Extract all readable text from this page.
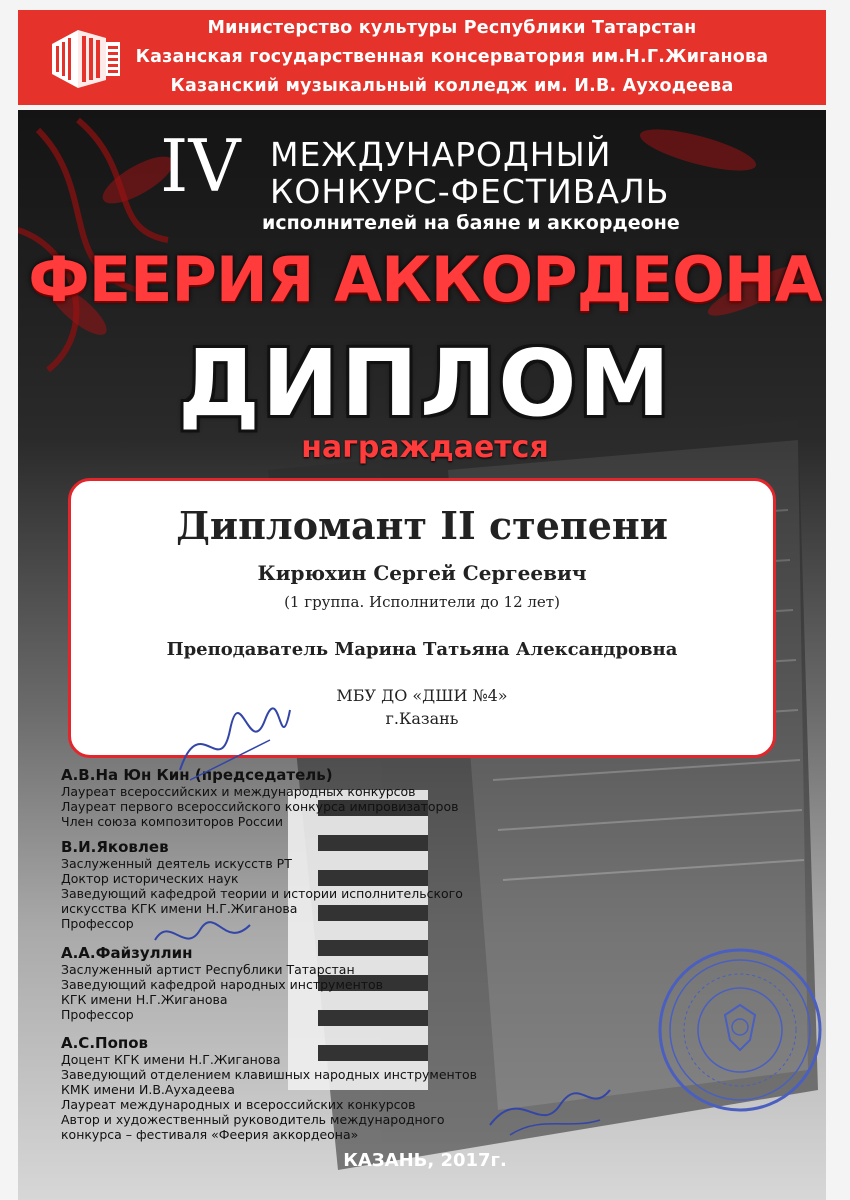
Министерство культуры Республики Татарстан
Казанская государственная консерватория им.Н.Г.Жиганова
Казанский музыкальный колледж им. И.В. Ауходеева
IV МЕЖДУНАРОДНЫЙ
КОНКУРС-ФЕСТИВАЛЬ
исполнителей на баяне и аккордеоне
ФЕЕРИЯ АККОРДЕОНА
ДИПЛОМ
награждается
Дипломант II степени
Кирюхин Сергей Сергеевич
(1 группа. Исполнители до 12 лет)
Преподаватель Марина Татьяна Александровна
МБУ ДО «ДШИ №4»
г.Казань
А.В.На Юн Кин (председатель)
Лауреат всероссийских и международных конкурсов
Лауреат первого всероссийского конкурса импровизаторов
Член союза композиторов России
В.И.Яковлев
Заслуженный деятель искусств РТ
Доктор исторических наук
Заведующий кафедрой теории и истории исполнительского
искусства КГК имени Н.Г.Жиганова
Профессор
А.А.Файзуллин
Заслуженный артист Республики Татарстан
Заведующий кафедрой народных инструментов
КГК имени Н.Г.Жиганова
Профессор
А.С.Попов
Доцент КГК имени Н.Г.Жиганова
Заведующий отделением клавишных народных инструментов
КМК имени И.В.Аухадеева
Лауреат международных и всероссийских конкурсов
Автор и художественный руководитель международного
конкурса – фестиваля «Феерия аккордеона»
КАЗАНЬ, 2017г.
